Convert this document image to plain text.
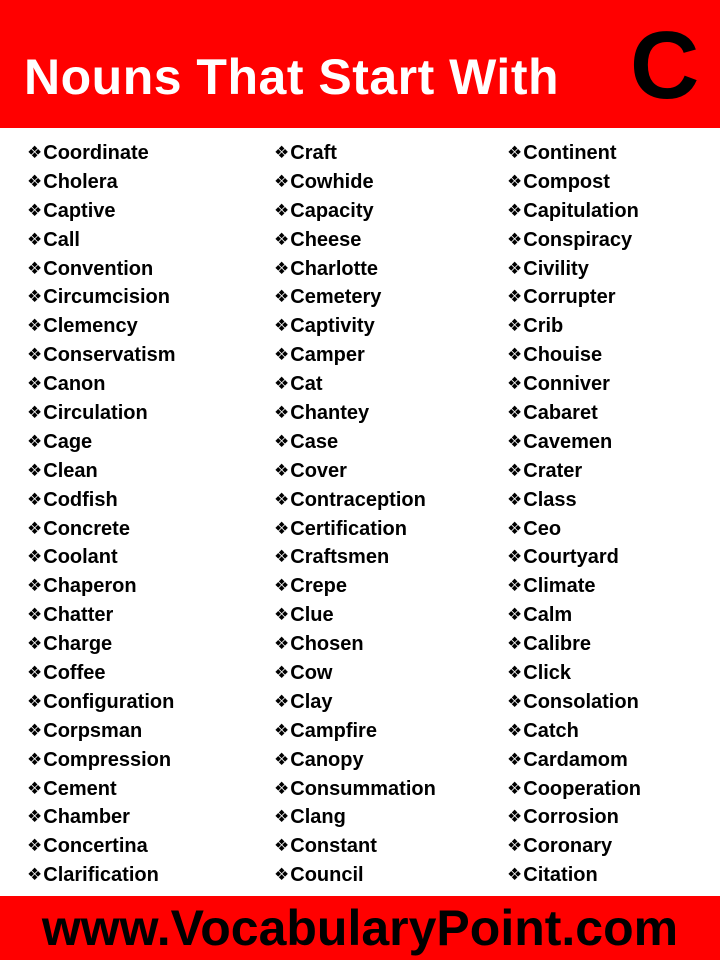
Nouns That Start With C
❖Coordinate
❖Cholera
❖Captive
❖Call
❖Convention
❖Circumcision
❖Clemency
❖Conservatism
❖Canon
❖Circulation
❖Cage
❖Clean
❖Codfish
❖Concrete
❖Coolant
❖Chaperon
❖Chatter
❖Charge
❖Coffee
❖Configuration
❖Corpsman
❖Compression
❖Cement
❖Chamber
❖Concertina
❖Clarification
❖Craft
❖Cowhide
❖Capacity
❖Cheese
❖Charlotte
❖Cemetery
❖Captivity
❖Camper
❖Cat
❖Chantey
❖Case
❖Cover
❖Contraception
❖Certification
❖Craftsmen
❖Crepe
❖Clue
❖Chosen
❖Cow
❖Clay
❖Campfire
❖Canopy
❖Consummation
❖Clang
❖Constant
❖Council
❖Continent
❖Compost
❖Capitulation
❖Conspiracy
❖Civility
❖Corrupter
❖Crib
❖Chouise
❖Conniver
❖Cabaret
❖Cavemen
❖Crater
❖Class
❖Ceo
❖Courtyard
❖Climate
❖Calm
❖Calibre
❖Click
❖Consolation
❖Catch
❖Cardamom
❖Cooperation
❖Corrosion
❖Coronary
❖Citation
www.VocabularyPoint.com
